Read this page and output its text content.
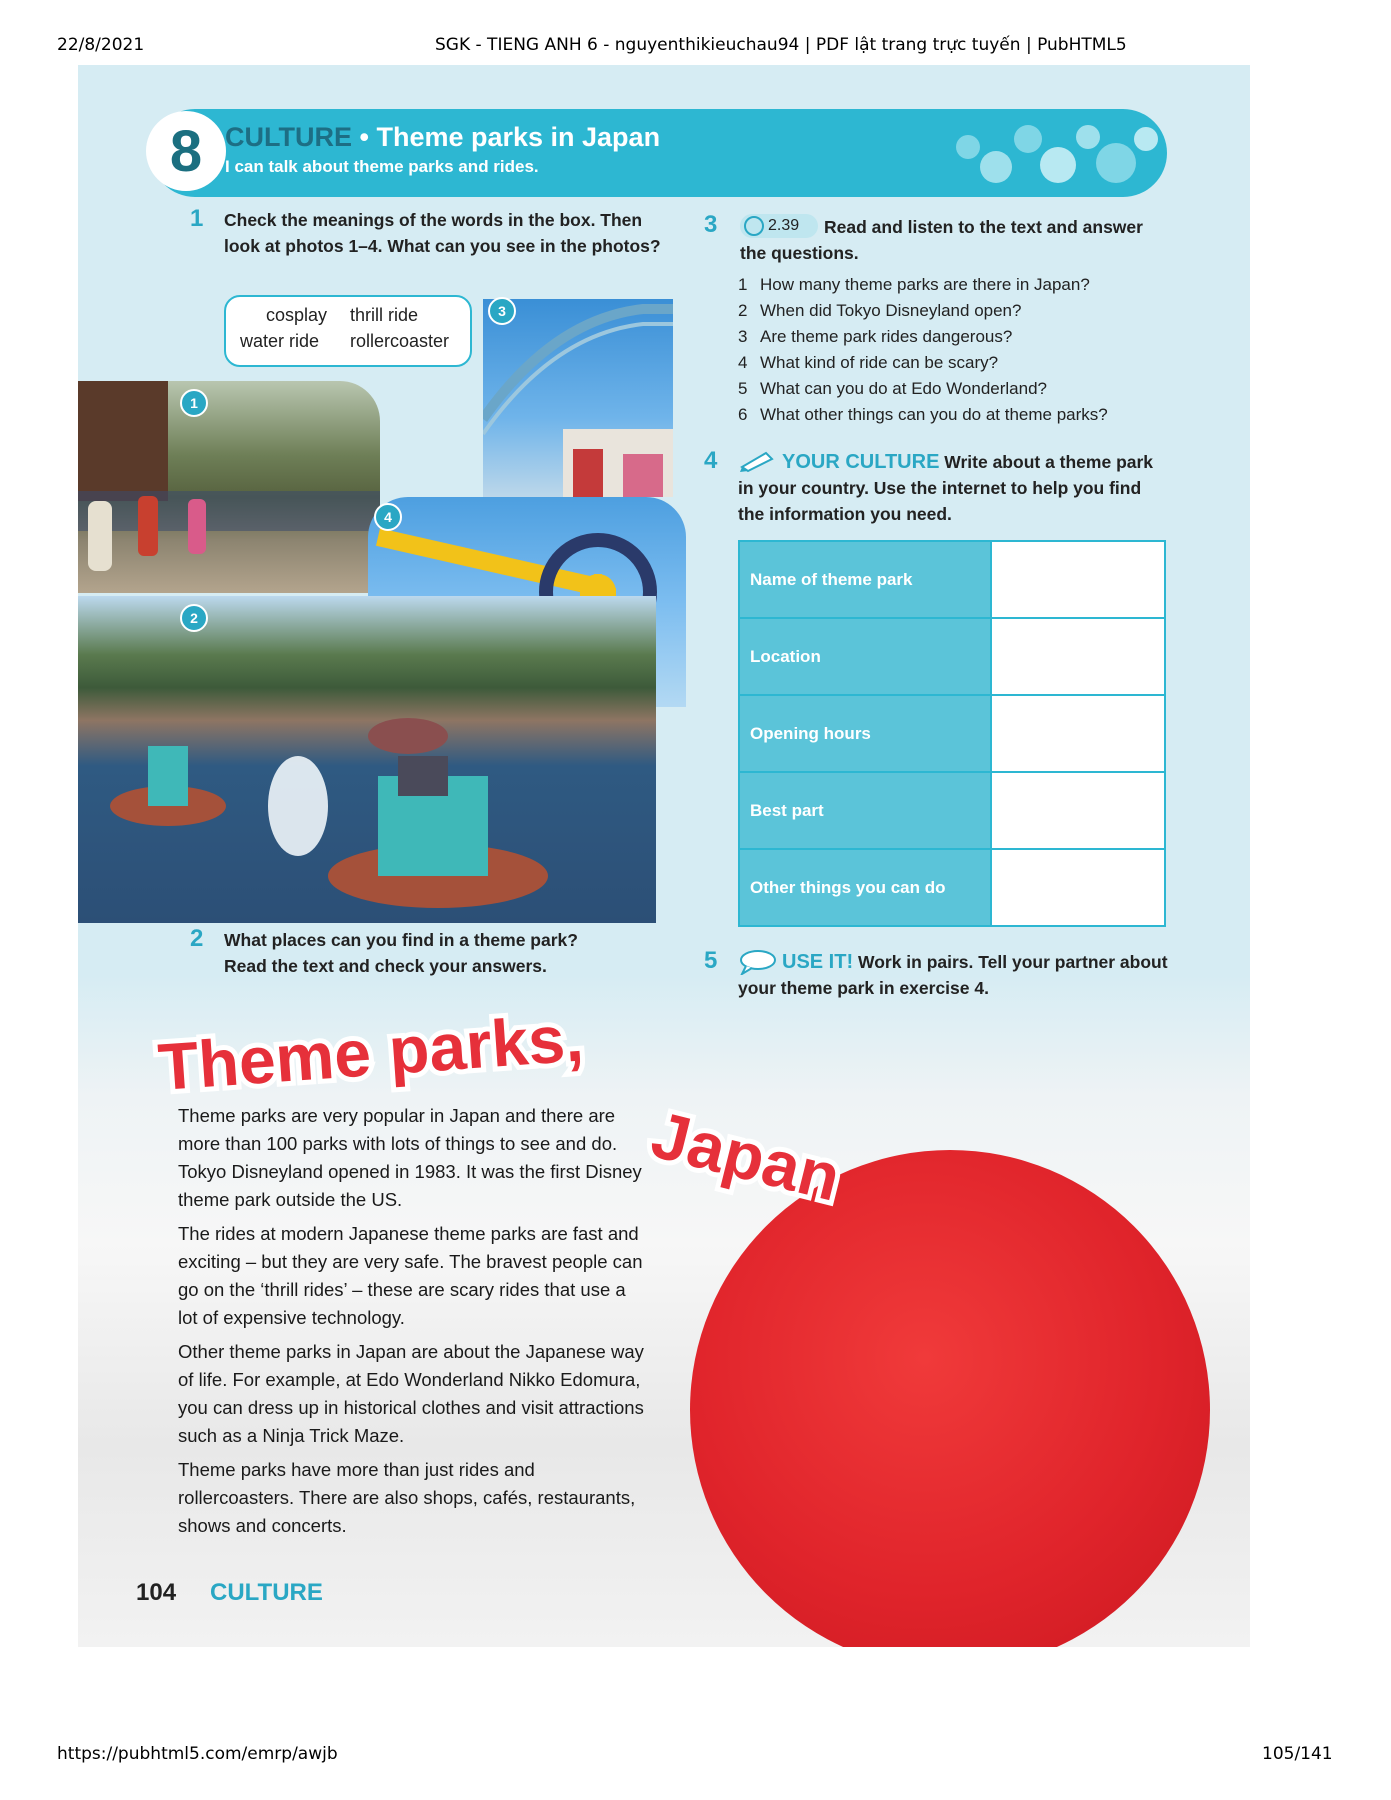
22/8/2021	SGK - TIENG ANH 6 - nguyenthikieuchau94 | PDF lật trang trực tuyến | PubHTML5
https://pubhtml5.com/emrp/awjb	105/141
8 CULTURE • Theme parks in Japan
I can talk about theme parks and rides.
1 Check the meanings of the words in the box. Then look at photos 1–4. What can you see in the photos?
cosplay thrill ride
water ride rollercoaster
1
2
3
4
2 What places can you find in a theme park? Read the text and check your answers.
3	2.39	Read and listen to the text and answer the questions.
1 How many theme parks are there in Japan?
2 When did Tokyo Disneyland open?
3 Are theme park rides dangerous?
4 What kind of ride can be scary?
5 What can you do at Edo Wonderland?
6 What other things can you do at theme parks?
4	YOUR CULTURE Write about a theme park in your country. Use the internet to help you find the information you need.
Name of theme park	
Location	
Opening hours	
Best part	
Other things you can do	
5	USE IT! Work in pairs. Tell your partner about your theme park in exercise 4.
Theme parks,
Japan

Theme parks are very popular in Japan and there are more than 100 parks with lots of things to see and do. Tokyo Disneyland opened in 1983. It was the first Disney theme park outside the US.

The rides at modern Japanese theme parks are fast and exciting – but they are very safe. The bravest people can go on the ‘thrill rides’ – these are scary rides that use a lot of expensive technology.

Other theme parks in Japan are about the Japanese way of life. For example, at Edo Wonderland Nikko Edomura, you can dress up in historical clothes and visit attractions such as a Ninja Trick Maze.

Theme parks have more than just rides and rollercoasters. There are also shops, cafés, restaurants, shows and concerts.

104 CULTURE
